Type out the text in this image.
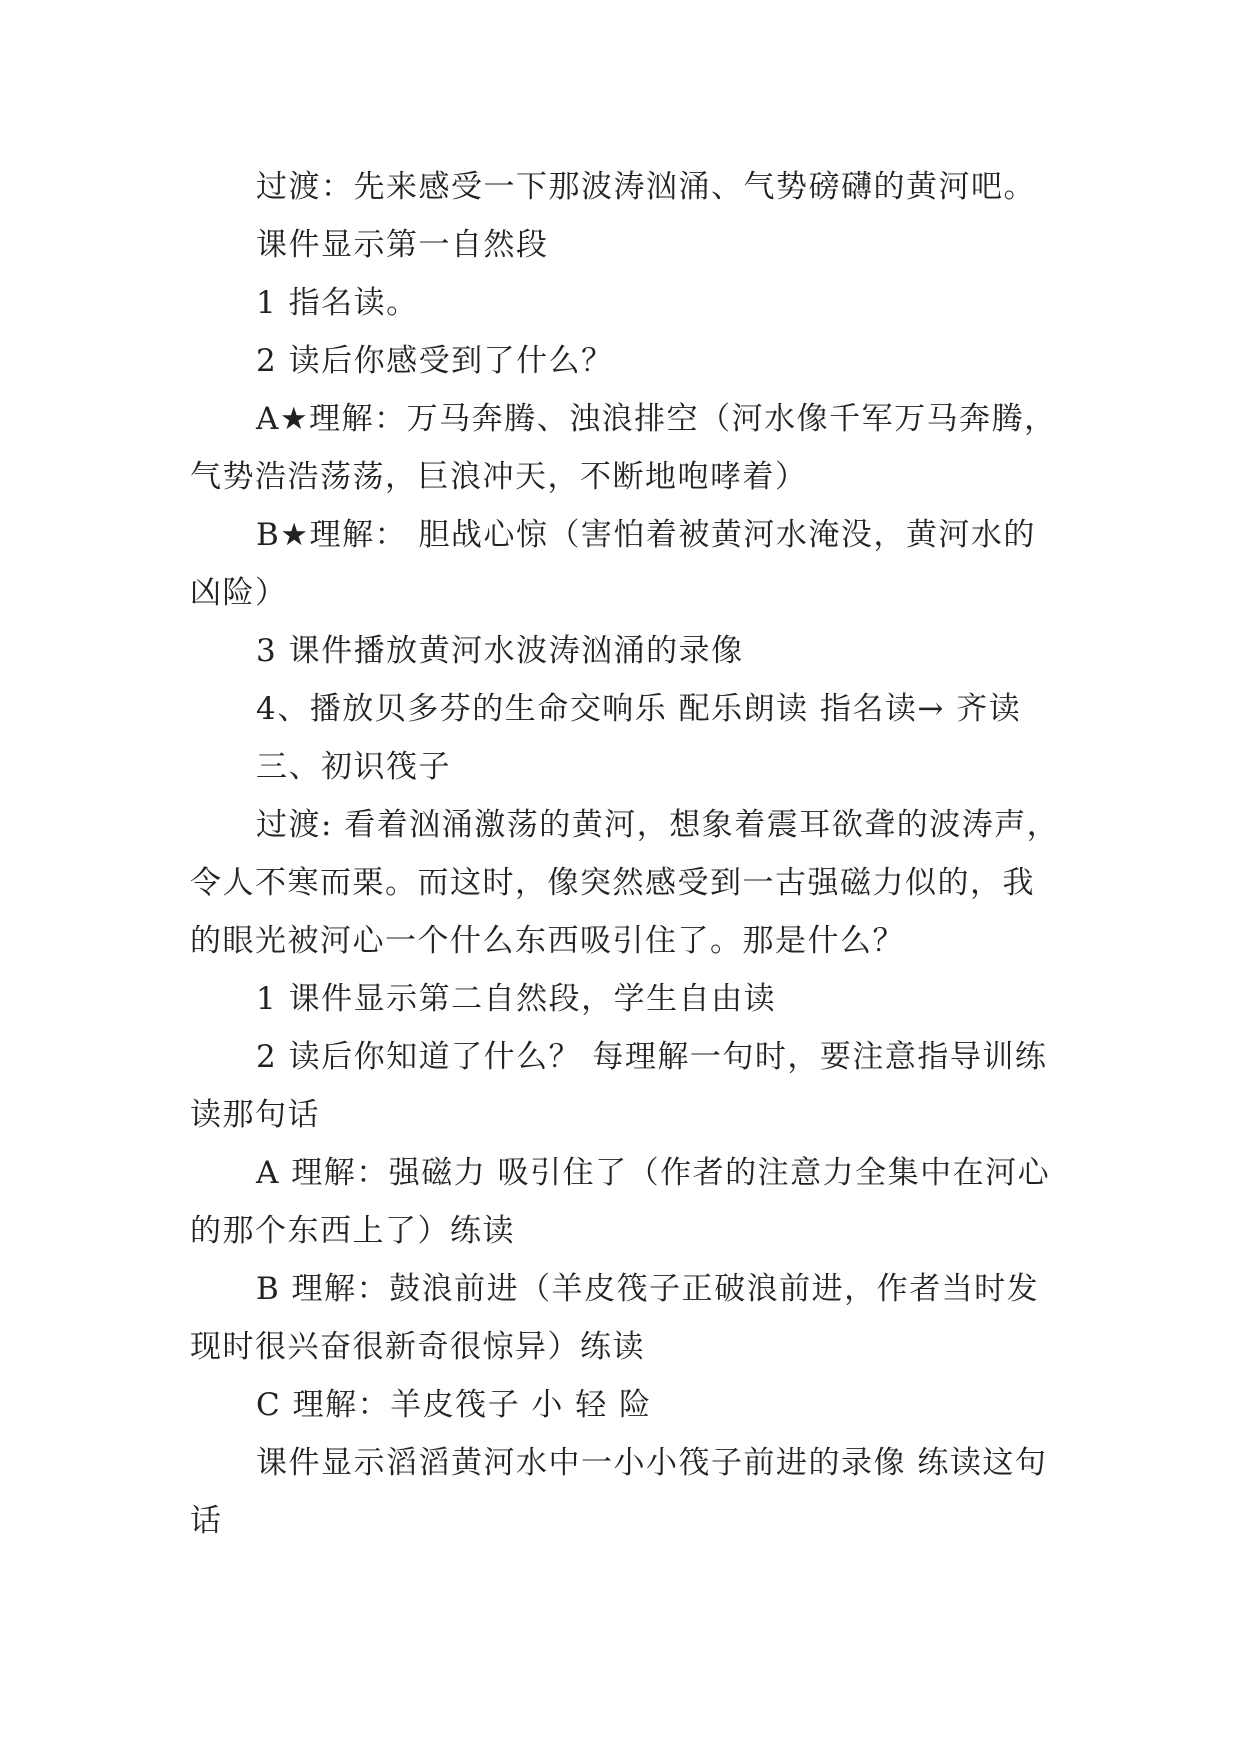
过渡：先来感受一下那波涛汹涌、气势磅礴的黄河吧。

课件显示第一自然段

1 指名读。

2 读后你感受到了什么？

A★理解：万马奔腾、浊浪排空（河水像千军万马奔腾，气势浩浩荡荡，巨浪冲天，不断地咆哮着）

B★理解： 胆战心惊（害怕着被黄河水淹没，黄河水的凶险）

3 课件播放黄河水波涛汹涌的录像

4、播放贝多芬的生命交响乐 配乐朗读 指名读→ 齐读

三、初识筏子

过渡: 看着汹涌激荡的黄河，想象着震耳欲聋的波涛声，令人不寒而栗。而这时，像突然感受到一古强磁力似的，我的眼光被河心一个什么东西吸引住了。那是什么？

1 课件显示第二自然段，学生自由读

2 读后你知道了什么？ 每理解一句时，要注意指导训练读那句话

A 理解：强磁力 吸引住了（作者的注意力全集中在河心的那个东西上了）练读

B 理解：鼓浪前进（羊皮筏子正破浪前进，作者当时发现时很兴奋很新奇很惊异）练读

C 理解：羊皮筏子 小 轻 险

课件显示滔滔黄河水中一小小筏子前进的录像 练读这句话
